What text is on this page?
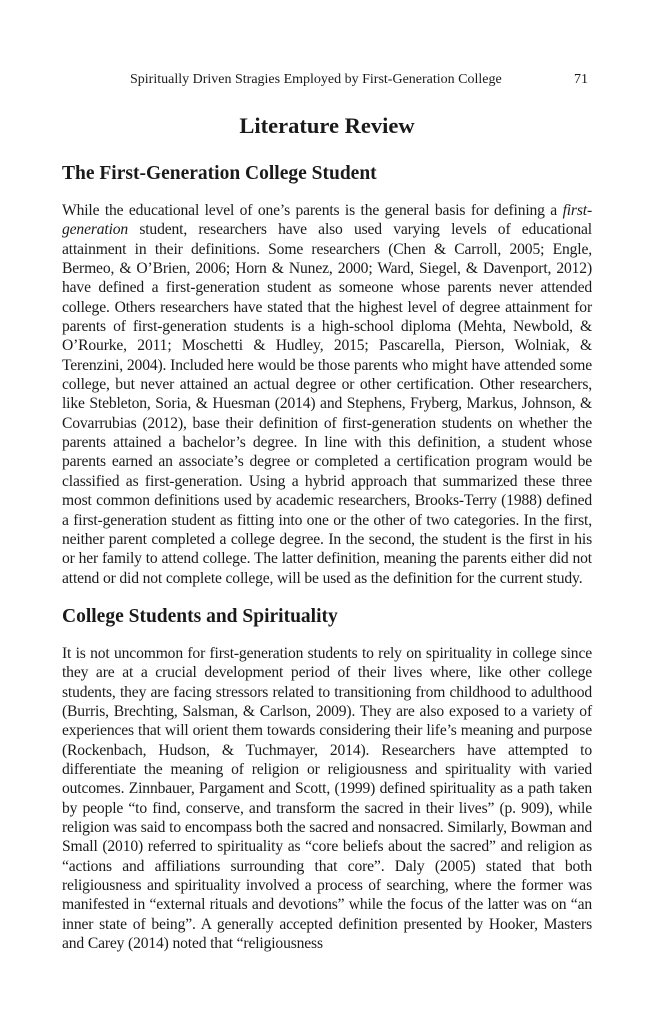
Spiritually Driven Stragies Employed by First-Generation College	71
Literature Review
The First-Generation College Student

While the educational level of one’s parents is the general basis for defining a first-generation student, researchers have also used varying levels of educational attainment in their definitions. Some researchers (Chen & Carroll, 2005; Engle, Bermeo, & O’Brien, 2006; Horn & Nunez, 2000; Ward, Siegel, & Davenport, 2012) have defined a first-generation student as someone whose parents never attended college. Others researchers have stated that the highest level of degree attainment for parents of first-generation students is a high-school diploma (Mehta, Newbold, & O’Rourke, 2011; Moschetti & Hudley, 2015; Pascarella, Pierson, Wolniak, & Terenzini, 2004). Included here would be those parents who might have attended some college, but never attained an actual degree or other certification. Other researchers, like Stebleton, Soria, & Huesman (2014) and Stephens, Fryberg, Markus, Johnson, & Covarrubias (2012), base their definition of first-generation students on whether the parents attained a bachelor’s degree. In line with this definition, a student whose parents earned an associate’s degree or completed a certification program would be classified as first-generation. Using a hybrid approach that summarized these three most common definitions used by academic researchers, Brooks-Terry (1988) defined a first-generation student as fitting into one or the other of two categories. In the first, neither parent completed a college degree. In the second, the student is the first in his or her family to attend college. The latter definition, meaning the parents either did not attend or did not complete college, will be used as the definition for the current study.

College Students and Spirituality

It is not uncommon for first-generation students to rely on spirituality in college since they are at a crucial development period of their lives where, like other college students, they are facing stressors related to transitioning from childhood to adulthood (Burris, Brechting, Salsman, & Carlson, 2009). They are also exposed to a variety of experiences that will orient them towards considering their life’s meaning and purpose (Rockenbach, Hudson, & Tuchmayer, 2014). Researchers have attempted to differentiate the meaning of religion or religiousness and spirituality with varied outcomes. Zinnbauer, Pargament and Scott, (1999) defined spirituality as a path taken by people “to find, conserve, and transform the sacred in their lives” (p. 909), while religion was said to encompass both the sacred and nonsacred. Similarly, Bowman and Small (2010) referred to spirituality as “core beliefs about the sacred” and religion as “actions and affiliations surrounding that core”. Daly (2005) stated that both religiousness and spirituality involved a process of searching, where the former was manifested in “external rituals and devotions” while the focus of the latter was on “an inner state of being”. A generally accepted definition presented by Hooker, Masters and Carey (2014) noted that “religiousness
